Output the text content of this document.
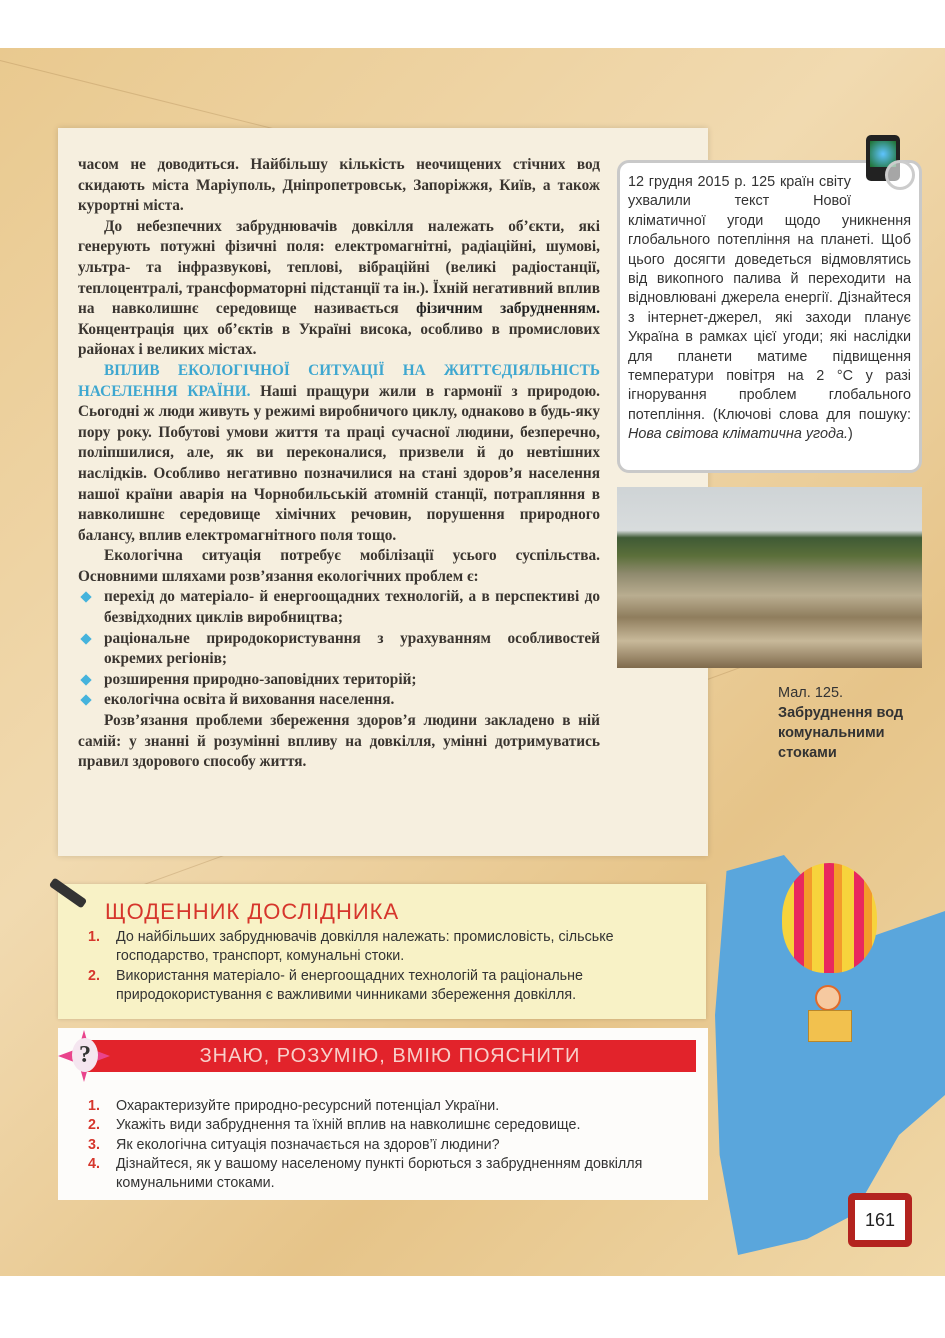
часом не доводиться. Найбільшу кількість неочищених стічних вод скидають міста Маріуполь, Дніпропетровськ, Запоріжжя, Київ, а також курортні міста.

До небезпечних забруднювачів довкілля належать об’єкти, які генерують потужні фізичні поля: електромагнітні, радіаційні, шумові, ультра- та інфразвукові, теплові, вібраційні (великі радіостанції, теплоцентралі, трансформаторні підстанції та ін.). Їхній негативний вплив на навколишнє середовище називається фізичним забрудненням. Концентрація цих об’єктів в Україні висока, особливо в промислових районах і великих містах.

ВПЛИВ ЕКОЛОГІЧНОЇ СИТУАЦІЇ НА ЖИТТЄДІЯЛЬНІСТЬ НАСЕЛЕННЯ КРАЇНИ. Наші пращури жили в гармонії з природою. Сьогодні ж люди живуть у режимі виробничого циклу, однаково в будь-яку пору року. Побутові умови життя та праці сучасної людини, безперечно, поліпшилися, але, як ви переконалися, призвели й до невтішних наслідків. Особливо негативно позначилися на стані здоров’я населення нашої країни аварія на Чорнобильській атомній станції, потрапляння в навколишнє середовище хімічних речовин, порушення природного балансу, вплив електромагнітного поля тощо.

Екологічна ситуація потребує мобілізації усього суспільства. Основними шляхами розв’язання екологічних проблем є:

перехід до матеріало- й енергоощадних технологій, а в перспективі до безвідходних циклів виробництва;
раціональне природокористування з урахуванням особливостей окремих регіонів;
розширення природно-заповідних територій;
екологічна освіта й виховання населення.

Розв’язання проблеми збереження здоров’я людини закладено в ній самій: у знанні й розумінні впливу на довкілля, умінні дотримуватись правил здорового способу життя.

12 грудня 2015 р. 125 країн світу ухвалили текст Нової кліматичної угоди щодо уникнення глобального потепління на планеті. Щоб цього досягти доведеться відмовлятись від викопного палива й переходити на відновлювані джерела енергії. Дізнайтеся з інтернет-джерел, які заходи планує Україна в рамках цієї угоди; які наслідки для планети матиме підвищення температури повітря на 2 °С у разі ігнорування проблем глобального потепління. (Ключові слова для пошуку: Нова світова кліматична угода.)
Мал. 125.
Забруднення вод комунальними стоками
ЩОДЕННИК ДОСЛІДНИКА
1. До найбільших забруднювачів довкілля належать: промисловість, сільське господарство, транспорт, комунальні стоки.
2. Використання матеріало- й енергоощадних технологій та раціональне природокористування є важливими чинниками збереження довкілля.
ЗНАЮ, РОЗУМІЮ, ВМІЮ ПОЯСНИТИ
?
1. Охарактеризуйте природно-ресурсний потенціал України.
2. Укажіть види забруднення та їхній вплив на навколишнє середовище.
3. Як екологічна ситуація позначається на здоров’ї людини?
4. Дізнайтеся, як у вашому населеному пункті борються з забрудненням довкілля комунальними стоками.
161
